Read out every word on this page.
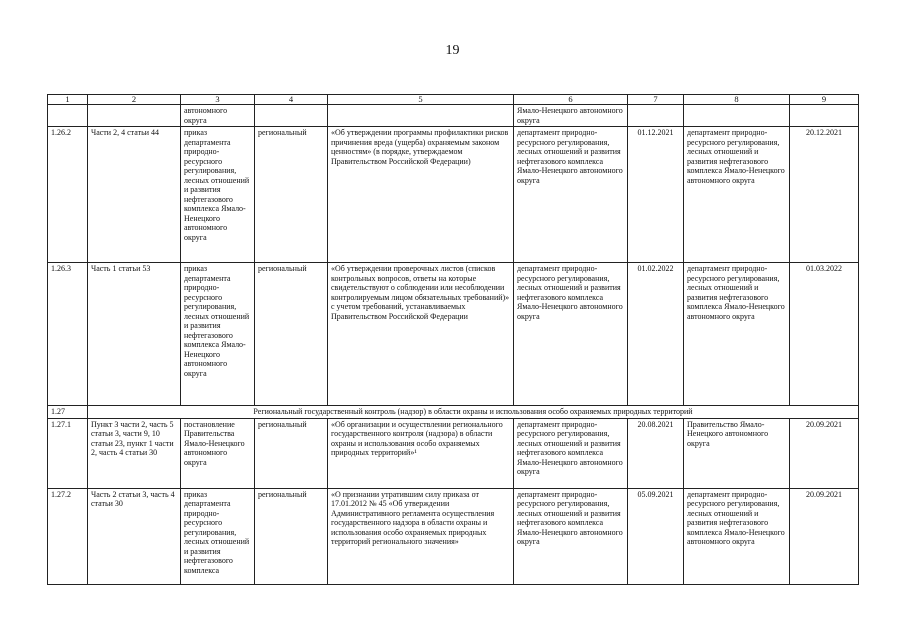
19
1	2	3	4	5	6	7	8	9
		автономного округа			Ямало-Ненецкого автономного округа			
1.26.2	Части 2, 4 статьи 44	приказ департамента природно-ресурсного регулирования, лесных отношений и развития нефтегазового комплекса Ямало-Ненецкого автономного округа	региональный	«Об утверждении программы профилактики рисков причинения вреда (ущерба) охраняемым законом ценностям» (в порядке, утверждаемом Правительством Российской Федерации)	департамент природно-ресурсного регулирования, лесных отношений и развития нефтегазового комплекса Ямало-Ненецкого автономного округа	01.12.2021	департамент природно-ресурсного регулирования, лесных отношений и развития нефтегазового комплекса Ямало-Ненецкого автономного округа	20.12.2021
1.26.3	Часть 1 статьи 53	приказ департамента природно-ресурсного регулирования, лесных отношений и развития нефтегазового комплекса Ямало-Ненецкого автономного округа	региональный	«Об утверждении проверочных листов (списков контрольных вопросов, ответы на которые свидетельствуют о соблюдении или несоблюдении контролируемым лицом обязательных требований)» с учетом требований, устанавливаемых Правительством Российской Федерации	департамент природно-ресурсного регулирования, лесных отношений и развития нефтегазового комплекса Ямало-Ненецкого автономного округа	01.02.2022	департамент природно-ресурсного регулирования, лесных отношений и развития нефтегазового комплекса Ямало-Ненецкого автономного округа	01.03.2022
1.27	Региональный государственный контроль (надзор) в области охраны и использования особо охраняемых природных территорий							
1.27.1	Пункт 3 части 2, часть 5 статьи 3, части 9, 10 статьи 23, пункт 1 части 2, часть 4 статьи 30	постановление Правительства Ямало-Ненецкого автономного округа	региональный	«Об организации и осуществлении регионального государственного контроля (надзора) в области охраны и использования особо охраняемых природных территорий»¹	департамент природно-ресурсного регулирования, лесных отношений и развития нефтегазового комплекса Ямало-Ненецкого автономного округа	20.08.2021	Правительство Ямало-Ненецкого автономного округа	20.09.2021
1.27.2	Часть 2 статьи 3, часть 4 статьи 30	приказ департамента природно-ресурсного регулирования, лесных отношений и развития нефтегазового комплекса	региональный	«О признании утратившим силу приказа от 17.01.2012 № 45 «Об утверждении Административного регламента осуществления государственного надзора в области охраны и использования особо охраняемых природных территорий регионального значения»	департамент природно-ресурсного регулирования, лесных отношений и развития нефтегазового комплекса Ямало-Ненецкого автономного округа	05.09.2021	департамент природно-ресурсного регулирования, лесных отношений и развития нефтегазового комплекса Ямало-Ненецкого автономного округа	20.09.2021
